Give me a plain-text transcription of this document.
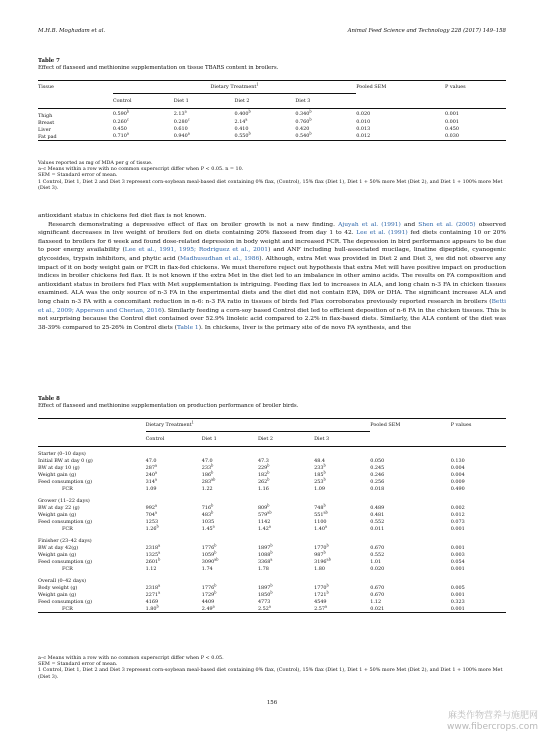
M.H.B. Moghadam et al.	Animal Feed Science and Technology 228 (2017) 149–158
Table 7
Effect of flaxseed and methionine supplementation on tissue TBARS content in broilers.
Tissue	Dietary Treatment$^1$				Pooled SEM	P values
	Control	Diet 1	Diet 2	Diet 3		
Thigh	0.590$^b$	2.13$^a$	0.400$^b$	0.340$^b$	0.020	0.001
Breast	0.260$^c$	0.280$^c$	2.14$^a$	0.760$^b$	0.010	0.001
Liver	0.450	0.610	0.410	0.420	0.013	0.450
Fat pad	0.710$^a$	0.940$^a$	0.550$^b$	0.540$^b$	0.012	0.030
Values reported as mg of MDA per g of tissue.
a–c Means within a row with no common superscript differ when P < 0.05. n = 10.
SEM = Standard error of mean.
1 Control, Diet 1, Diet 2 and Diet 3 represent corn-soybean meal-based diet containing 0% flax, (Control), 15% flax (Diet 1), Diet 1 + 50% more Met (Diet 2), and Diet 1 + 100% more Met (Diet 3).

antioxidant status in chickens fed diet flax is not known.

Research demonstrating a depressive effect of flax on broiler growth is not a new finding. Ajuyah et al. (1991) and Shen et al. (2005) observed significant decreases in live weight of broilers fed on diets containing 20% flaxseed from day 1 to 42. Lee et al. (1991) fed diets containing 10 or 20% flaxseed to broilers for 6 week and found dose-related depression in body weight and increased FCR. The depression in bird performance appears to be due to poor energy availability (Lee et al., 1991, 1995; Rodriguez et al., 2001) and ANF including hull-associated mucilage, linatine dipeptide, cyanogenic glycosides, trypsin inhibitors, and phytic acid (Madhusudhan et al., 1986). Although, extra Met was provided in Diet 2 and Diet 3, we did not observe any impact of it on body weight gain or FCR in flax-fed chickens. We must therefore reject out hypothesis that extra Met will have positive impact on production indices in broiler chickens fed flax. It is not known if the extra Met in the diet led to an imbalance in other amino acids. The results on FA composition and antioxidant status in broilers fed Flax with Met supplementation is intriguing. Feeding flax led to increases in ALA, and long chain n-3 FA in chicken tissues examined. ALA was the only source of n-3 FA in the experimental diets and the diet did not contain EPA, DPA or DHA. The significant increase ALA and long chain n-3 FA with a concomitant reduction in n-6: n-3 FA ratio in tissues of birds fed Flax corroborates previously reported research in broilers (Betti et al., 2009; Apperson and Cherian, 2016). Similarly feeding a corn-soy based Control diet led to efficient deposition of n-6 FA in the chicken tissues. This is not surprising because the Control diet contained over 52.9% linoleic acid compared to 2.2% in flax-based diets. Similarly, the ALA content of the diet was 38-39% compared to 25-26% in Control diets (Table 1). In chickens, liver is the primary site of de novo FA synthesis, and the

Table 8
Effect of flaxseed and methionine supplementation on production performance of broiler birds.
	Dietary Treatment$^1$				Pooled SEM	P values
	Control	Diet 1	Diet 2	Diet 3		
Starter (0–10 days)						
Initial BW at day 0 (g)	47.0	47.0	47.3	48.4	0.050	0.130
BW at day 10 (g)	287$^a$	233$^b$	229$^b$	233$^b$	0.245	0.004
Weight gain (g)	240$^a$	186$^b$	182$^b$	185$^b$	0.246	0.004
Feed consumption (g)	314$^a$	$283^{ab}$	262$^b$	253$^b$	0.256	0.009
FCR	1.09	1.22	1.16	1.09	0.018	0.490
Grower (11–22 days)						
BW at day 22 (g)	992$^a$	716$^b$	809$^b$	748$^b$	0.489	0.002
Weight gain (g)	704$^a$	483$^b$	$579^{ab}$	$551^{ab}$	0.481	0.012
Feed consumption (g)	1253	1035	1142	1100	0.552	0.073
FCR	1.26$^b$	1.45$^a$	1.42$^a$	1.40$^a$	0.011	0.001
Finisher (23–42 days)						
BW at day 42(g)	2318$^a$	1776$^b$	1897$^b$	1770$^b$	0.670	0.001
Weight gain (g)	1325$^a$	1059$^b$	1088$^b$	987$^b$	0.552	0.003
Feed consumption (g)	2601$^b$	$3090^{ab}$	3368$^a$	$3196^{ab}$	1.01	0.054
FCR	1.12	1.74	1.78	1.80	0.020	0.001
Overall (0–42 days)						
Body weight (g)	2318$^a$	1776$^b$	1897$^b$	1770$^b$	0.670	0.005
Weight gain (g)	2271$^a$	1729$^b$	1850$^b$	1721$^b$	0.670	0.001
Feed consumption (g)	4169	4409	4773	4549	1.12	0.323
FCR	1.80$^b$	2.49$^a$	2.52$^a$	2.57$^a$	0.021	0.001
a–c Means within a row with no common superscript differ when P < 0.05.
SEM = Standard error of mean.
1 Control, Diet 1, Diet 2 and Diet 3 represent corn-soybean meal-based diet containing 0% flax, (Control), 15% flax (Diet 1), Diet 1 + 50% more Met (Diet 2), and Diet 1 + 100% more Met (Diet 3).
156
麻类作物营养与施肥网
www.fibercrops.com
